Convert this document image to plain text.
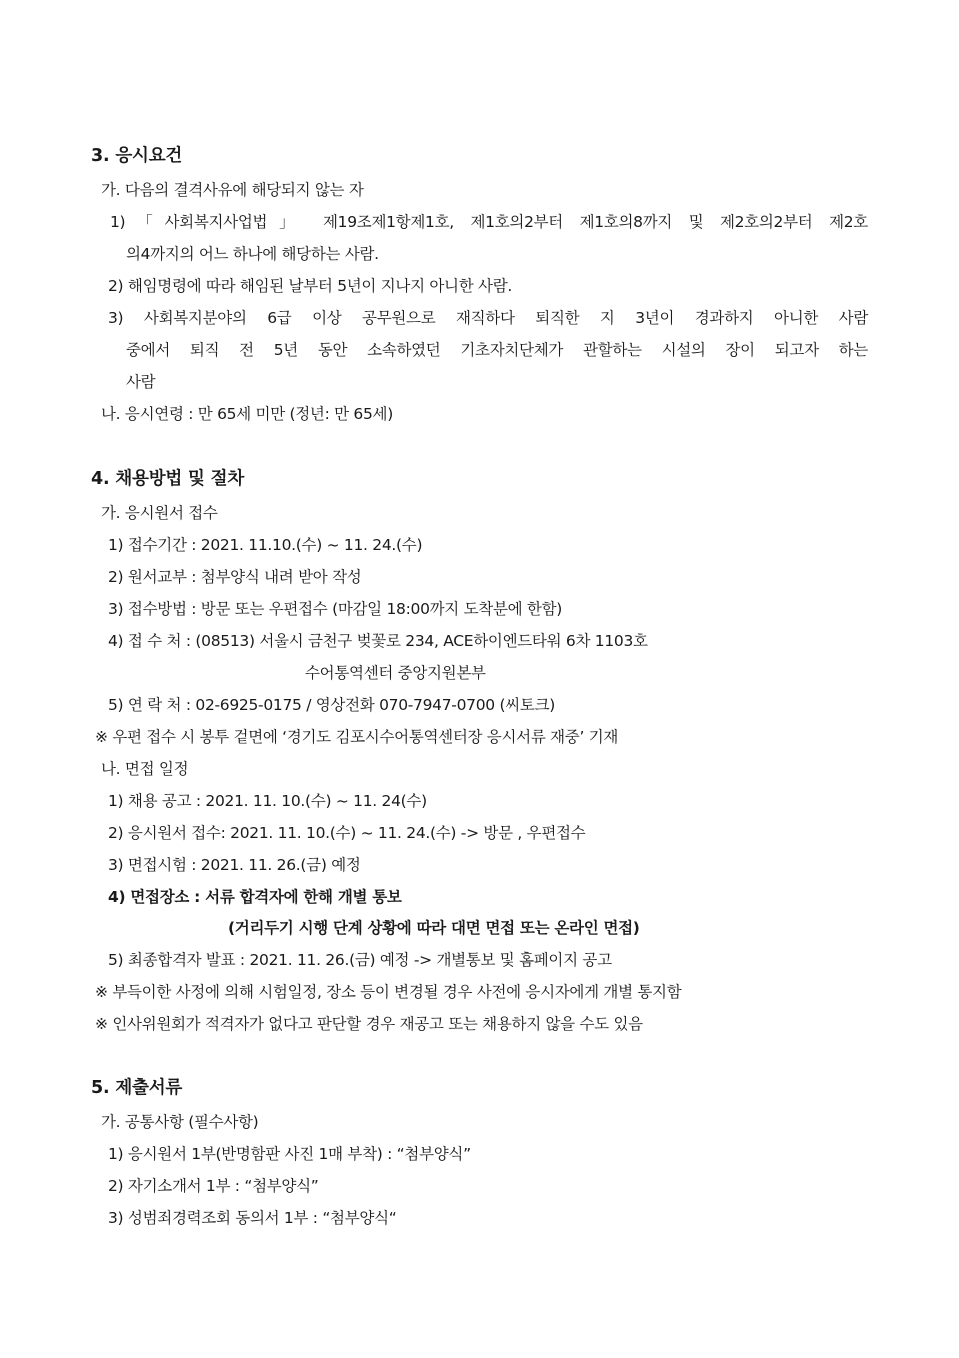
3. 응시요건
가. 다음의 결격사유에 해당되지 않는 자
1)「사회복지사업법」 제19조제1항제1호, 제1호의2부터 제1호의8까지 및 제2호의2부터 제2호
의4까지의 어느 하나에 해당하는 사람.
2) 해임명령에 따라 해임된 날부터 5년이 지나지 아니한 사람.
3) 사회복지분야의 6급 이상 공무원으로 재직하다 퇴직한 지 3년이 경과하지 아니한 사람
중에서 퇴직 전 5년 동안 소속하였던 기초자치단체가 관할하는 시설의 장이 되고자 하는
사람
나. 응시연령 : 만 65세 미만 (정년: 만 65세)
4. 채용방법 및 절차
가. 응시원서 접수
1) 접수기간 : 2021. 11.10.(수) ~ 11. 24.(수)
2) 원서교부 : 첨부양식 내려 받아 작성
3) 접수방법 : 방문 또는 우편접수 (마감일 18:00까지 도착분에 한함)
4) 접 수 처 : (08513) 서울시 금천구 벚꽃로 234, ACE하이엔드타워 6차 1103호
수어통역센터 중앙지원본부
5) 연 락 처 : 02-6925-0175 / 영상전화 070-7947-0700 (씨토크)
※ 우편 접수 시 봉투 겉면에 ‘경기도 김포시수어통역센터장 응시서류 재중’ 기재
나. 면접 일정
1) 채용 공고 : 2021. 11. 10.(수) ~ 11. 24(수)
2) 응시원서 접수: 2021. 11. 10.(수) ~ 11. 24.(수) -> 방문 , 우편접수
3) 면접시험 : 2021. 11. 26.(금) 예정
4) 면접장소 : 서류 합격자에 한해 개별 통보
(거리두기 시행 단계 상황에 따라 대면 면접 또는 온라인 면접)
5) 최종합격자 발표 : 2021. 11. 26.(금) 예정 -> 개별통보 및 홈페이지 공고
※ 부득이한 사정에 의해 시험일정, 장소 등이 변경될 경우 사전에 응시자에게 개별 통지함
※ 인사위원회가 적격자가 없다고 판단할 경우 재공고 또는 채용하지 않을 수도 있음
5. 제출서류
가. 공통사항 (필수사항)
1) 응시원서 1부(반명함판 사진 1매 부착) : “첨부양식”
2) 자기소개서 1부 : “첨부양식”
3) 성범죄경력조회 동의서 1부 : “첨부양식“
